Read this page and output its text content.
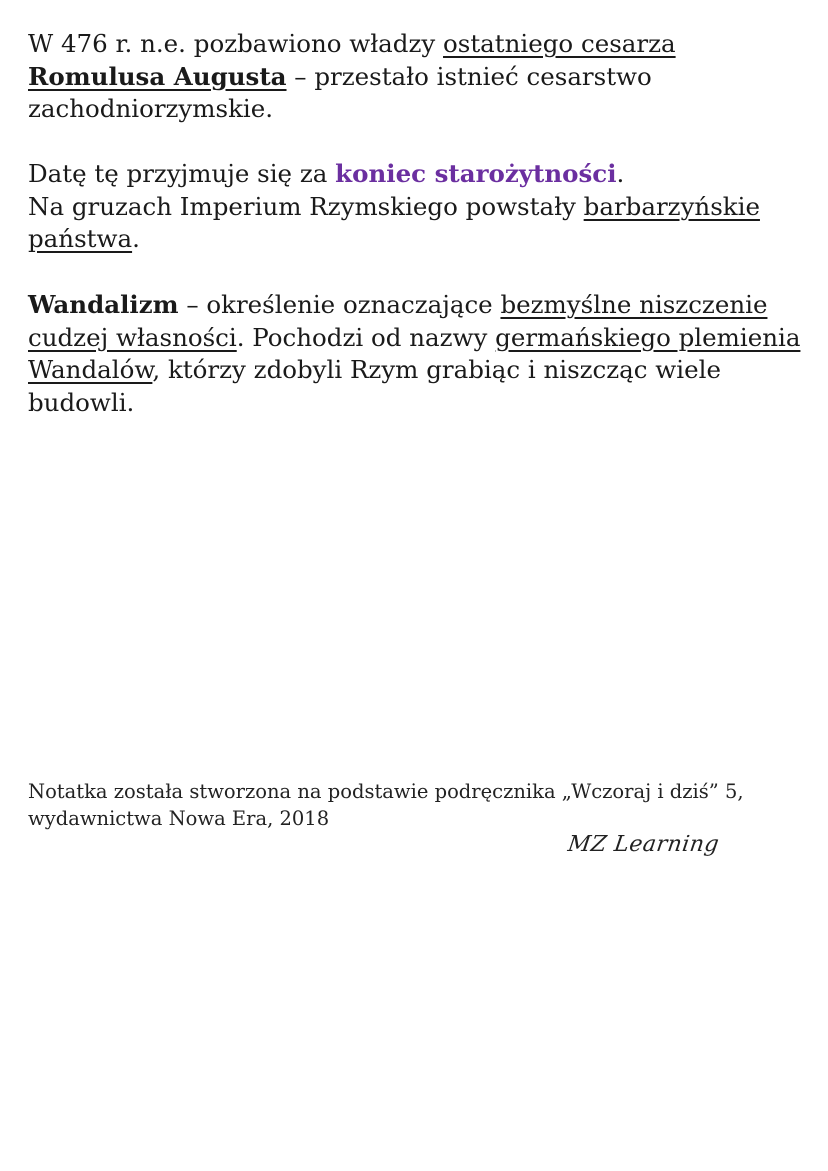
W 476 r. n.e. pozbawiono władzy ostatniego cesarza
Romulusa Augusta – przestało istnieć cesarstwo zachodniorzymskie.

Datę tę przyjmuje się za koniec starożytności.
Na gruzach Imperium Rzymskiego powstały barbarzyńskie państwa.

Wandalizm – określenie oznaczające bezmyślne niszczenie cudzej własności. Pochodzi od nazwy germańskiego plemienia Wandalów, którzy zdobyli Rzym grabiąc i niszcząc wiele budowli.

Notatka została stworzona na podstawie podręcznika „Wczoraj i dziś” 5, wydawnictwa Nowa Era, 2018

MZ Learning
